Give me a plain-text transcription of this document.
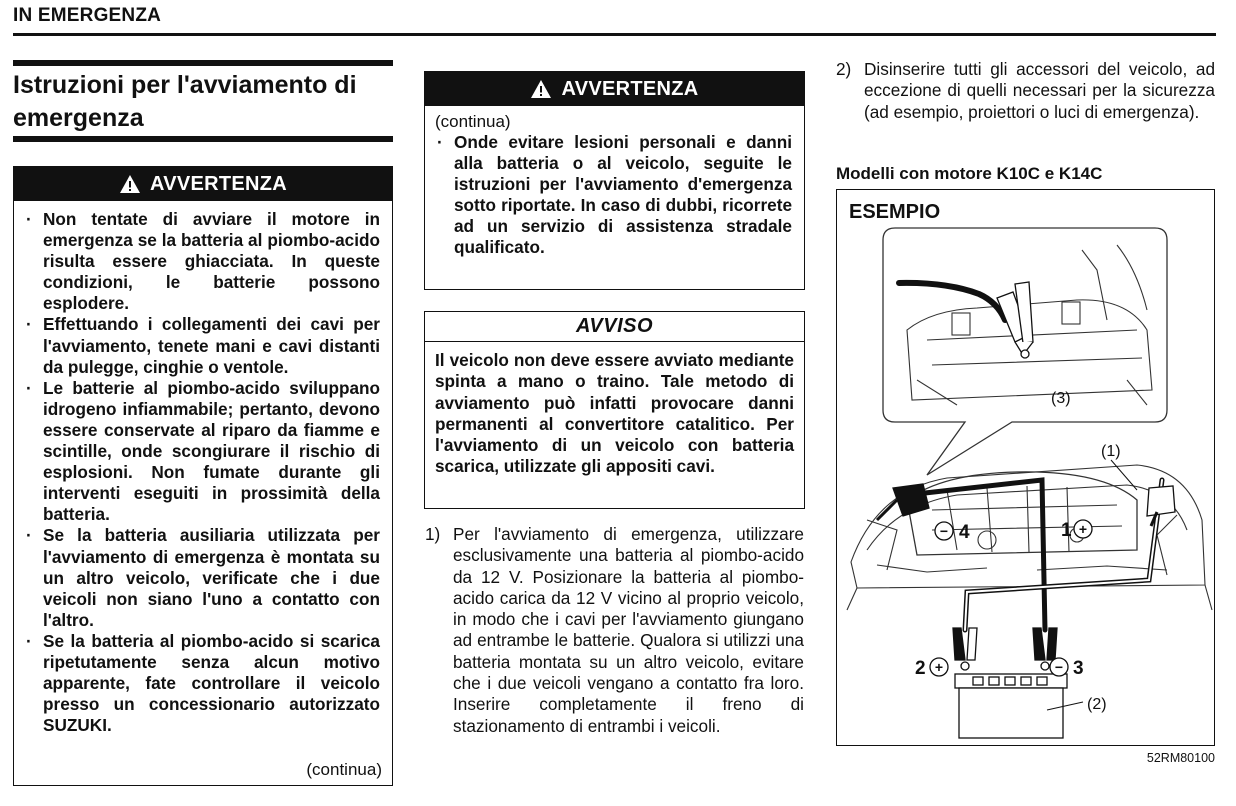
IN EMERGENZA
Istruzioni per l'avviamento di emergenza
AVVERTENZA
· Non tentate di avviare il motore in emergenza se la batteria al piombo-acido risulta essere ghiacciata. In queste condizioni, le batterie possono esplodere.
· Effettuando i collegamenti dei cavi per l'avviamento, tenete mani e cavi distanti da pulegge, cinghie o ventole.
· Le batterie al piombo-acido sviluppano idrogeno infiammabile; pertanto, devono essere conservate al riparo da fiamme e scintille, onde scongiurare il rischio di esplosioni. Non fumate durante gli interventi eseguiti in prossimità della batteria.
· Se la batteria ausiliaria utilizzata per l'avviamento di emergenza è montata su un altro veicolo, verificate che i due veicoli non siano l'uno a contatto con l'altro.
· Se la batteria al piombo-acido si scarica ripetutamente senza alcun motivo apparente, fate controllare il veicolo presso un concessionario autorizzato SUZUKI.
(continua)
AVVERTENZA
(continua)
· Onde evitare lesioni personali e danni alla batteria o al veicolo, seguite le istruzioni per l'avviamento d'emergenza sotto riportate. In caso di dubbi, ricorrete ad un servizio di assistenza stradale qualificato.
AVVISO
Il veicolo non deve essere avviato mediante spinta a mano o traino. Tale metodo di avviamento può infatti provocare danni permanenti al convertitore catalitico. Per l'avviamento di un veicolo con batteria scarica, utilizzate gli appositi cavi.
1) Per l'avviamento di emergenza, utilizzare esclusivamente una batteria al piombo-acido da 12 V. Posizionare la batteria al piombo-acido carica da 12 V vicino al proprio veicolo, in modo che i cavi per l'avviamento giungano ad entrambe le batterie. Qualora si utilizzi una batteria montata su un altro veicolo, evitare che i due veicoli vengano a contatto fra loro. Inserire completamente il freno di stazionamento di entrambi i veicoli.
2) Disinserire tutti gli accessori del veicolo, ad eccezione di quelli necessari per la sicurezza (ad esempio, proiettori o luci di emergenza).
Modelli con motore K10C e K14C
ESEMPIO
(3)
(2)
(1)
− 4	1 +
2 +	− 3
52RM80100
